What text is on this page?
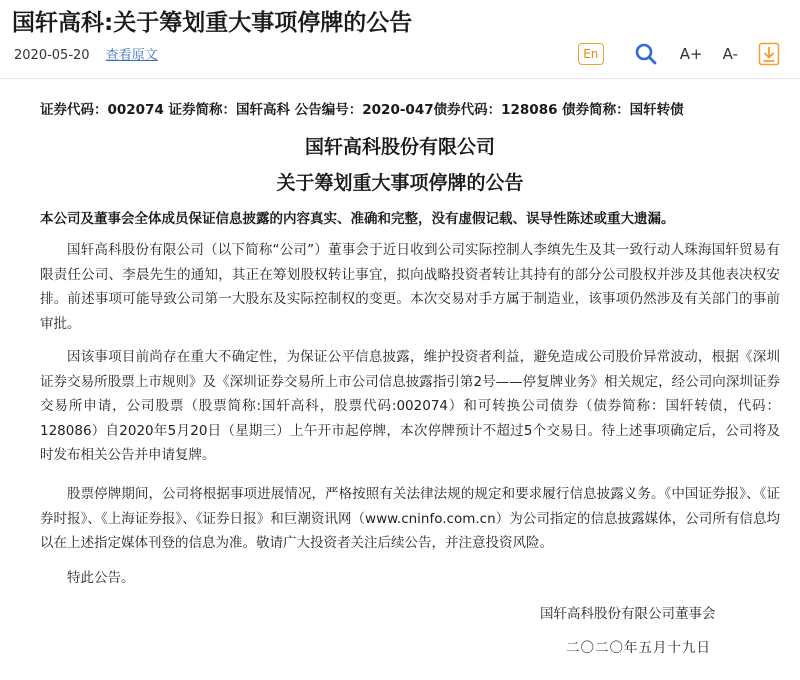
国轩高科:关于筹划重大事项停牌的公告
2020-05-20 查看原文	En	A+ A-
证券代码：002074 证券简称：国轩高科 公告编号：2020-047债券代码：128086 债券简称：国轩转债
国轩高科股份有限公司
关于筹划重大事项停牌的公告
本公司及董事会全体成员保证信息披露的内容真实、准确和完整，没有虚假记载、误导性陈述或重大遗漏。

国轩高科股份有限公司（以下简称“公司”）董事会于近日收到公司实际控制人李缜先生及其一致行动人珠海国轩贸易有限责任公司、李晨先生的通知，其正在筹划股权转让事宜，拟向战略投资者转让其持有的部分公司股权并涉及其他表决权安排。前述事项可能导致公司第一大股东及实际控制权的变更。本次交易对手方属于制造业，该事项仍然涉及有关部门的事前审批。

因该事项目前尚存在重大不确定性，为保证公平信息披露，维护投资者利益，避免造成公司股价异常波动，根据《深圳证券交易所股票上市规则》及《深圳证券交易所上市公司信息披露指引第2号——停复牌业务》相关规定，经公司向深圳证券交易所申请，公司股票（股票简称:国轩高科，股票代码:002074）和可转换公司债券（债券简称：国轩转债，代码：128086）自2020年5月20日（星期三）上午开市起停牌，本次停牌预计不超过5个交易日。待上述事项确定后，公司将及时发布相关公告并申请复牌。

股票停牌期间，公司将根据事项进展情况，严格按照有关法律法规的规定和要求履行信息披露义务。《中国证券报》、《证券时报》、《上海证券报》、《证券日报》和巨潮资讯网（www.cninfo.com.cn）为公司指定的信息披露媒体，公司所有信息均以在上述指定媒体刊登的信息为准。敬请广大投资者关注后续公告，并注意投资风险。

特此公告。

国轩高科股份有限公司董事会
二〇二〇年五月十九日
